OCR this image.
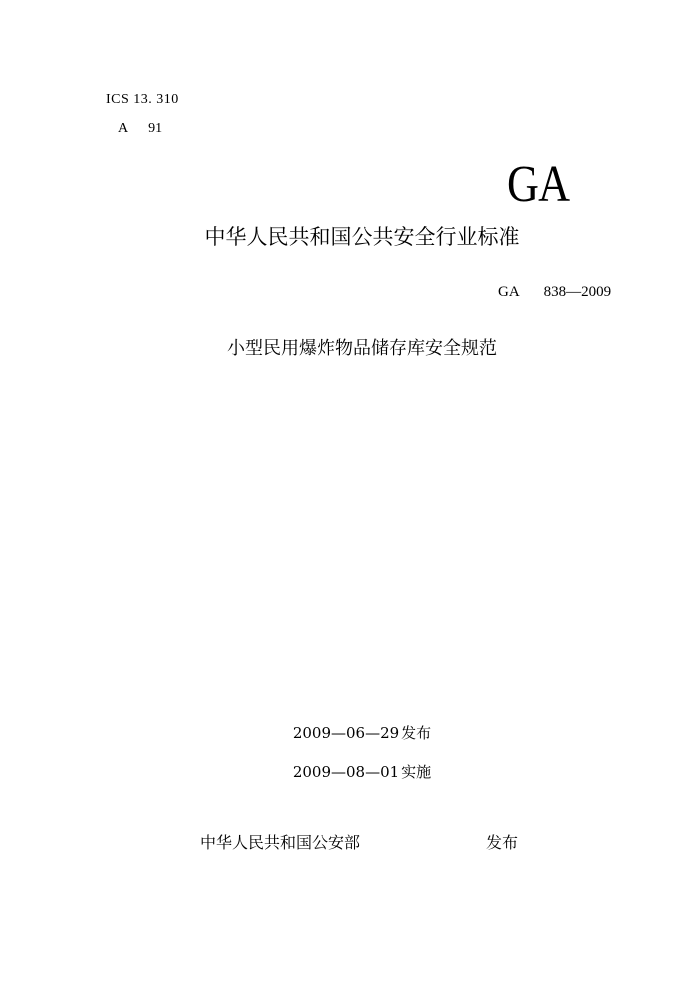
ICS 13. 310
A 91
GA
中华人民共和国公共安全行业标准
GA 838—2009
小型民用爆炸物品储存库安全规范
2009—06—29 发布
2009—08—01 实施
中华人民共和国公安部	发布
